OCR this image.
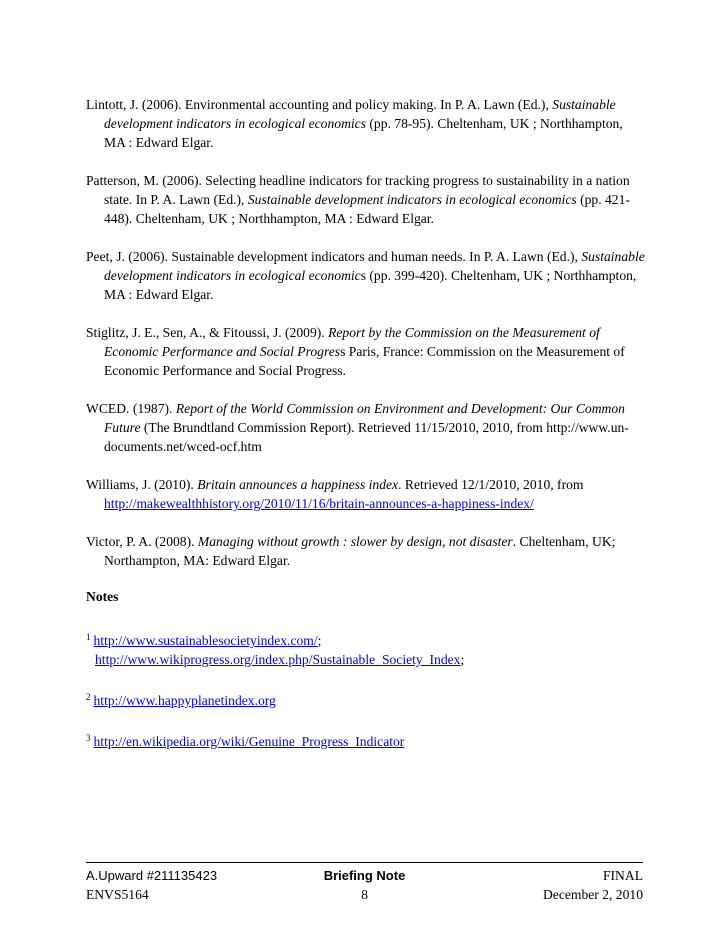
Lintott, J. (2006). Environmental accounting and policy making. In P. A. Lawn (Ed.), Sustainable development indicators in ecological economics (pp. 78-95). Cheltenham, UK ; Northhampton, MA : Edward Elgar.

Patterson, M. (2006). Selecting headline indicators for tracking progress to sustainability in a nation state. In P. A. Lawn (Ed.), Sustainable development indicators in ecological economics (pp. 421-448). Cheltenham, UK ; Northhampton, MA : Edward Elgar.

Peet, J. (2006). Sustainable development indicators and human needs. In P. A. Lawn (Ed.), Sustainable development indicators in ecological economics (pp. 399-420). Cheltenham, UK ; Northhampton, MA : Edward Elgar.

Stiglitz, J. E., Sen, A., & Fitoussi, J. (2009). Report by the Commission on the Measurement of Economic Performance and Social Progress Paris, France: Commission on the Measurement of Economic Performance and Social Progress.

WCED. (1987). Report of the World Commission on Environment and Development: Our Common Future (The Brundtland Commission Report). Retrieved 11/15/2010, 2010, from http://www.un-documents.net/wced-ocf.htm

Williams, J. (2010). Britain announces a happiness index. Retrieved 12/1/2010, 2010, from http://makewealthhistory.org/2010/11/16/britain-announces-a-happiness-index/

Victor, P. A. (2008). Managing without growth : slower by design, not disaster. Cheltenham, UK; Northampton, MA: Edward Elgar.

Notes
$^1$ http://www.sustainablesocietyindex.com/;
http://www.wikiprogress.org/index.php/Sustainable_Society_Index;
$^2$ http://www.happyplanetindex.org
$^3$ http://en.wikipedia.org/wiki/Genuine_Progress_Indicator
A.Upward #211135423	Briefing Note	FINAL
ENVS5164	8	December 2, 2010
